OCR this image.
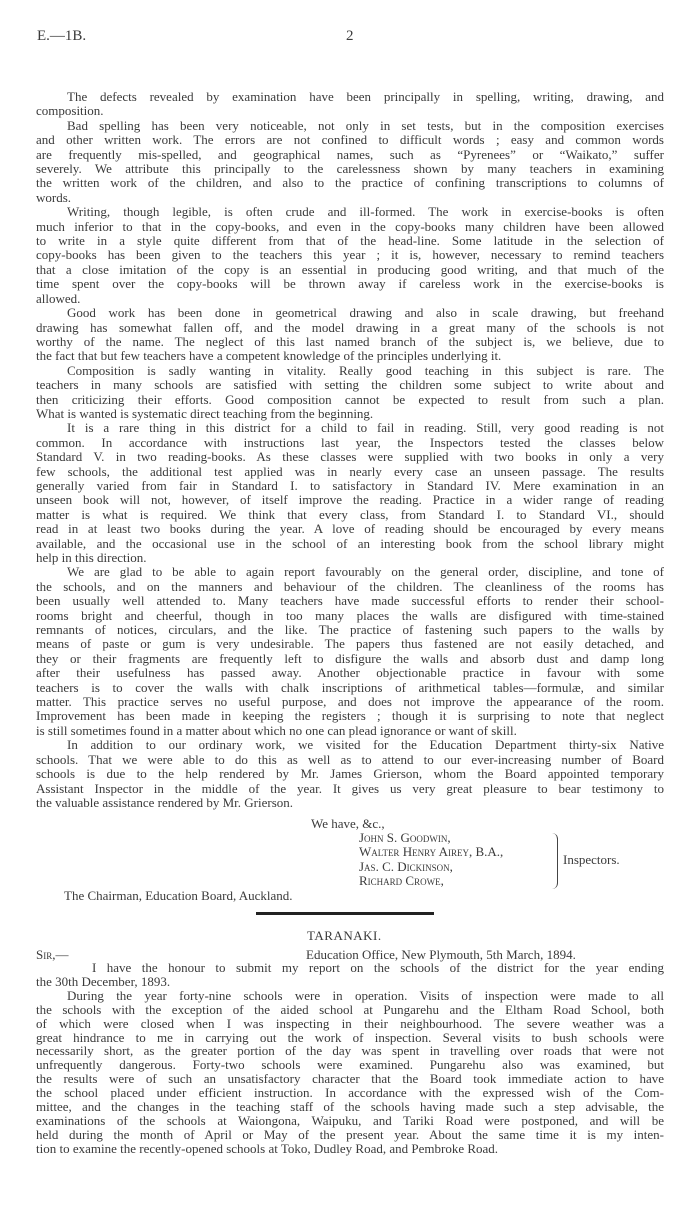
E.—1B.	2
The defects revealed by examination have been principally in spelling, writing, drawing, and
composition.
Bad spelling has been very noticeable, not only in set tests, but in the composition exercises
and other written work. The errors are not confined to difficult words ; easy and common words
are frequently mis-spelled, and geographical names, such as “Pyrenees” or “Waikato,” suffer
severely. We attribute this principally to the carelessness shown by many teachers in examining
the written work of the children, and also to the practice of confining transcriptions to columns of
words.
Writing, though legible, is often crude and ill-formed. The work in exercise-books is often
much inferior to that in the copy-books, and even in the copy-books many children have been allowed
to write in a style quite different from that of the head-line. Some latitude in the selection of
copy-books has been given to the teachers this year ; it is, however, necessary to remind teachers
that a close imitation of the copy is an essential in producing good writing, and that much of the
time spent over the copy-books will be thrown away if careless work in the exercise-books is
allowed.
Good work has been done in geometrical drawing and also in scale drawing, but freehand
drawing has somewhat fallen off, and the model drawing in a great many of the schools is not
worthy of the name. The neglect of this last named branch of the subject is, we believe, due to
the fact that but few teachers have a competent knowledge of the principles underlying it.
Composition is sadly wanting in vitality. Really good teaching in this subject is rare. The
teachers in many schools are satisfied with setting the children some subject to write about and
then criticizing their efforts. Good composition cannot be expected to result from such a plan.
What is wanted is systematic direct teaching from the beginning.
It is a rare thing in this district for a child to fail in reading. Still, very good reading is not
common. In accordance with instructions last year, the Inspectors tested the classes below
Standard V. in two reading-books. As these classes were supplied with two books in only a very
few schools, the additional test applied was in nearly every case an unseen passage. The results
generally varied from fair in Standard I. to satisfactory in Standard IV. Mere examination in an
unseen book will not, however, of itself improve the reading. Practice in a wider range of reading
matter is what is required. We think that every class, from Standard I. to Standard VI., should
read in at least two books during the year. A love of reading should be encouraged by every means
available, and the occasional use in the school of an interesting book from the school library might
help in this direction.
We are glad to be able to again report favourably on the general order, discipline, and tone of
the schools, and on the manners and behaviour of the children. The cleanliness of the rooms has
been usually well attended to. Many teachers have made successful efforts to render their school-
rooms bright and cheerful, though in too many places the walls are disfigured with time-stained
remnants of notices, circulars, and the like. The practice of fastening such papers to the walls by
means of paste or gum is very undesirable. The papers thus fastened are not easily detached, and
they or their fragments are frequently left to disfigure the walls and absorb dust and damp long
after their usefulness has passed away. Another objectionable practice in favour with some
teachers is to cover the walls with chalk inscriptions of arithmetical tables—formulæ, and similar
matter. This practice serves no useful purpose, and does not improve the appearance of the room.
Improvement has been made in keeping the registers ; though it is surprising to note that neglect
is still sometimes found in a matter about which no one can plead ignorance or want of skill.
In addition to our ordinary work, we visited for the Education Department thirty-six Native
schools. That we were able to do this as well as to attend to our ever-increasing number of Board
schools is due to the help rendered by Mr. James Grierson, whom the Board appointed temporary
Assistant Inspector in the middle of the year. It gives us very great pleasure to bear testimony to
the valuable assistance rendered by Mr. Grierson.
We have, &c.,
John S. Goodwin,
Walter Henry Airey, B.A.,
Jas. C. Dickinson,
Richard Crowe,
Inspectors.
The Chairman, Education Board, Auckland.
TARANAKI.
Sir,—	Education Office, New Plymouth, 5th March, 1894.
I have the honour to submit my report on the schools of the district for the year ending
the 30th December, 1893.
During the year forty-nine schools were in operation. Visits of inspection were made to all
the schools with the exception of the aided school at Pungarehu and the Eltham Road School, both
of which were closed when I was inspecting in their neighbourhood. The severe weather was a
great hindrance to me in carrying out the work of inspection. Several visits to bush schools were
necessarily short, as the greater portion of the day was spent in travelling over roads that were not
unfrequently dangerous. Forty-two schools were examined. Pungarehu also was examined, but
the results were of such an unsatisfactory character that the Board took immediate action to have
the school placed under efficient instruction. In accordance with the expressed wish of the Com-
mittee, and the changes in the teaching staff of the schools having made such a step advisable, the
examinations of the schools at Waiongona, Waipuku, and Tariki Road were postponed, and will be
held during the month of April or May of the present year. About the same time it is my inten-
tion to examine the recently-opened schools at Toko, Dudley Road, and Pembroke Road.
